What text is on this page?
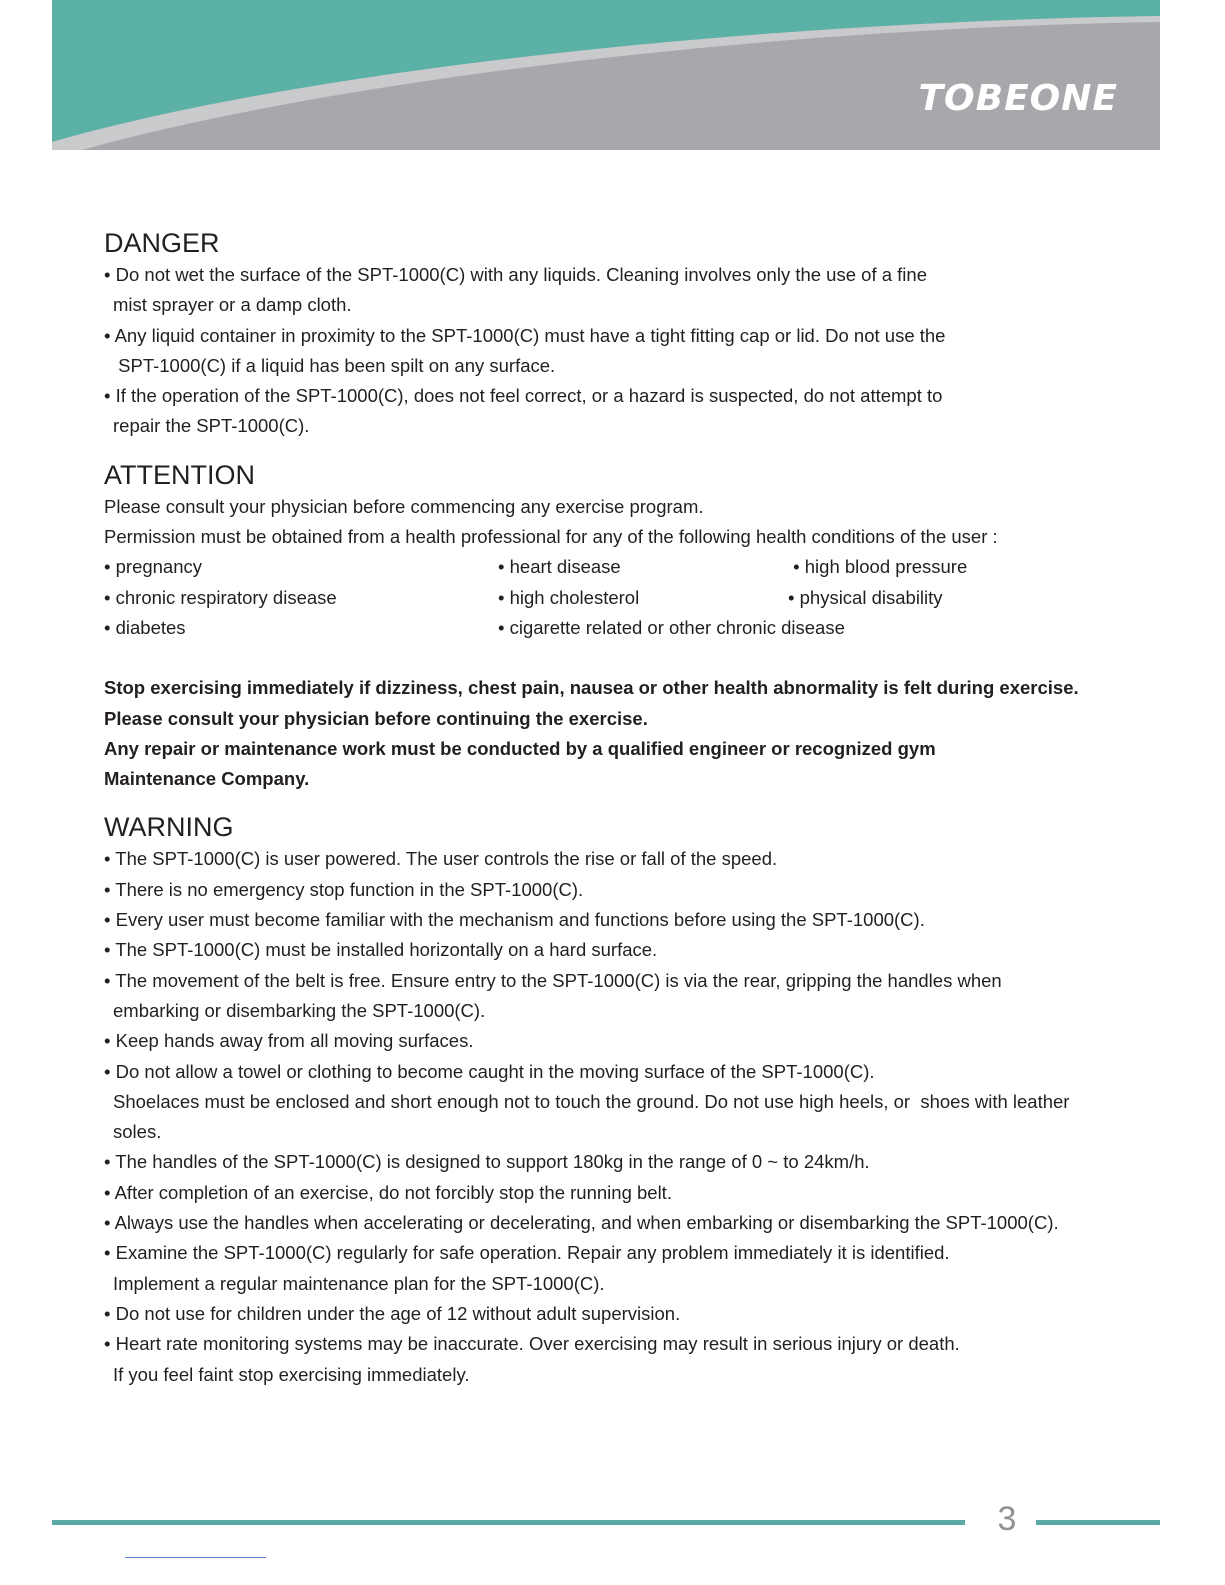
TOBEONE
DANGER
• Do not wet the surface of the SPT-1000(C) with any liquids. Cleaning involves only the use of a fine
mist sprayer or a damp cloth.
• Any liquid container in proximity to the SPT-1000(C) must have a tight fitting cap or lid. Do not use the
SPT-1000(C) if a liquid has been spilt on any surface.
• If the operation of the SPT-1000(C), does not feel correct, or a hazard is suspected, do not attempt to
repair the SPT-1000(C).
ATTENTION
Please consult your physician before commencing any exercise program.
Permission must be obtained from a health professional for any of the following health conditions of the user :
• pregnancy	• heart disease	• high blood pressure
• chronic respiratory disease	• high cholesterol	• physical disability
• diabetes	• cigarette related or other chronic disease
Stop exercising immediately if dizziness, chest pain, nausea or other health abnormality is felt during exercise.
Please consult your physician before continuing the exercise.
Any repair or maintenance work must be conducted by a qualified engineer or recognized gym Maintenance Company.
WARNING
• The SPT-1000(C) is user powered. The user controls the rise or fall of the speed.
• There is no emergency stop function in the SPT-1000(C).
• Every user must become familiar with the mechanism and functions before using the SPT-1000(C).
• The SPT-1000(C) must be installed horizontally on a hard surface.
• The movement of the belt is free. Ensure entry to the SPT-1000(C) is via the rear, gripping the handles when
embarking or disembarking the SPT-1000(C).
• Keep hands away from all moving surfaces.
• Do not allow a towel or clothing to become caught in the moving surface of the SPT-1000(C).
Shoelaces must be enclosed and short enough not to touch the ground. Do not use high heels, or  shoes with leather
soles.
• The handles of the SPT-1000(C) is designed to support 180kg in the range of 0 ~ to 24km/h.
• After completion of an exercise, do not forcibly stop the running belt.
• Always use the handles when accelerating or decelerating, and when embarking or disembarking the SPT-1000(C).
• Examine the SPT-1000(C) regularly for safe operation. Repair any problem immediately it is identified.
Implement a regular maintenance plan for the SPT-1000(C).
• Do not use for children under the age of 12 without adult supervision.
• Heart rate monitoring systems may be inaccurate. Over exercising may result in serious injury or death.
If you feel faint stop exercising immediately.
3
